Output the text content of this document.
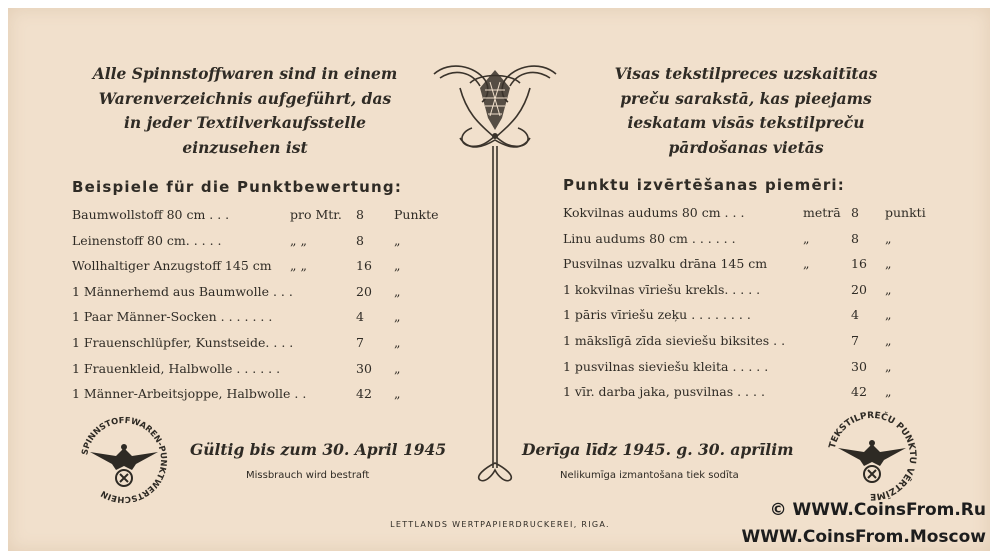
Alle Spinnstoffwaren sind in einem
Warenverzeichnis aufgeführt, das
in jeder Textilverkaufsstelle
einzusehen ist
Visas tekstilpreces uzskaitītas
preču sarakstā, kas pieejams
ieskatam visās tekstilpreču
pārdošanas vietās
Beispiele für die Punktbewertung:	Punktu izvērtēšanas piemēri:
Baumwollstoff 80 cm . . .	pro Mtr. 8 Punkte
Leinenstoff 80 cm. . . . .	„ „	8 „
Wollhaltiger Anzugstoff 145 cm „ „	16 „
1 Männerhemd aus Baumwolle . . .	20 „
1 Paar Männer-Socken . . . . . . .	4 „
1 Frauenschlüpfer, Kunstseide. . . .	7 „
1 Frauenkleid, Halbwolle . . . . . .	30 „
1 Männer-Arbeitsjoppe, Halbwolle . .	42 „
Kokvilnas audums 80 cm . . .	metrā 8 punkti
Linu audums 80 cm . . . . . .	„	8 „
Pusvilnas uzvalku drāna 145 cm	„	16 „
1 kokvilnas vīriešu krekls. . . . .	20 „
1 pāris vīriešu zeķu . . . . . . . .	4 „
1 mākslīgā zīda sieviešu biksites . .	7 „
1 pusvilnas sieviešu kleita . . . . .	30 „
1 vīr. darba jaka, pusvilnas . . . .	42 „
Gültig bis zum 30. April 1945
Missbrauch wird bestraft
Derīga līdz 1945. g. 30. aprīlim
Nelikumīga izmantošana tiek sodīta
LETTLANDS WERTPAPIERDRUCKEREI, RIGA.
SPINNSTOFFWAREN-PUNKTWERTSCHEIN
TEKSTILPREČU PUNKTU VĒRTZĪME
© WWW.CoinsFrom.Ru
WWW.CoinsFrom.Moscow
